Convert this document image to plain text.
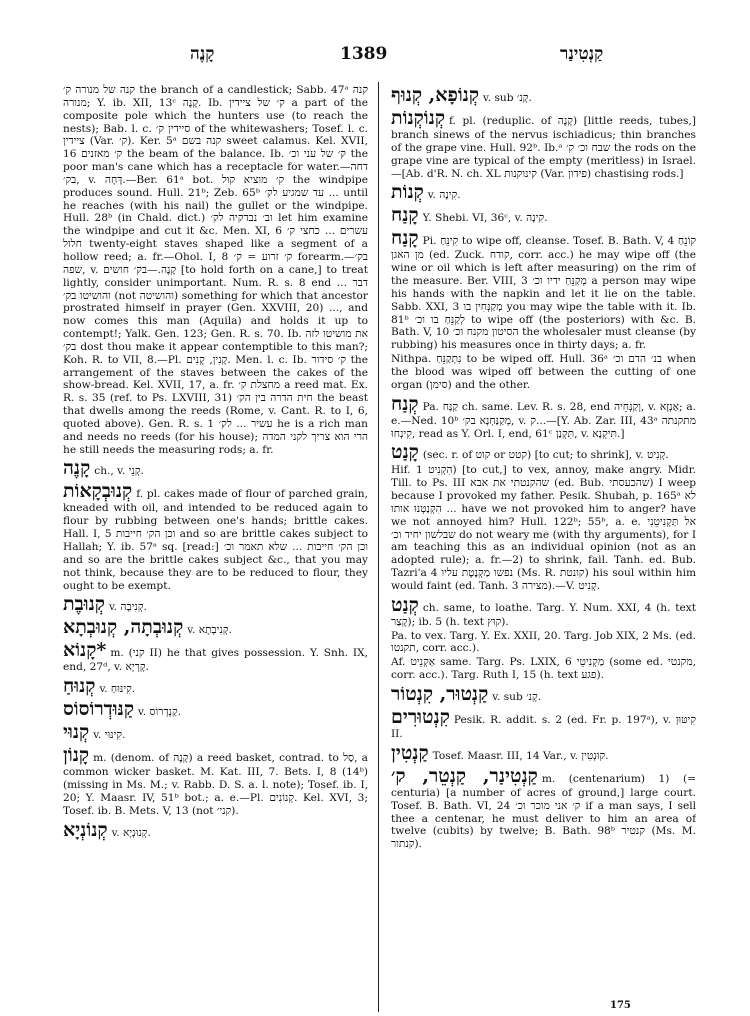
קָנֶה	1389	קַנְטִינַר
קנה של מנורה ק׳ the branch of a candlestick; Sabb. 47ᵃ קנה מנורה; Y. ib. XII, 13ᶜ קָנֶה. Ib. ק׳ של ציידין a part of the composite pole which the hunters use (to reach the nests); Bab. l. c. סיידין ק׳ of the whitewashers; Tosef. l. c. ציידין (Var. ק׳). Ker. 5ᵃ קנה בשם sweet calamus. Kel. XVII, 16 ק׳ מאזנים the beam of the balance. Ib. ק׳ של עני וכ׳ the poor man's cane which has a receptacle for water.—דחה בק׳, v. דָּחָה.—Ber. 61ᵃ bot. ק׳ מוציא קול the windpipe produces sound. Hull. 21ᵇ; Zeb. 65ᵇ עד שמגיע לק׳ ... until he reaches (with his nail) the gullet or the windpipe. Hull. 28ᵇ (in Chald. dict.) וב׳ נבדקיה לק׳ let him examine the windpipe and cut it &c. Men. XI, 6 עשרים ... כחצי ק׳ חלול twenty-eight staves shaped like a segment of a hollow reed; a. fr.—Ohol. I, 8 ק׳ זרוע = ק׳ forearm.—בק׳ שפה, v. קָנֶה.—בק׳ חושים [to hold forth on a cane,] to treat lightly, consider unimportant. Num. R. s. 8 end דבר ... והושיטו בק׳ (not והושיטה) something for which that ancestor prostrated himself in prayer (Gen. XXVIII, 20) ..., and now comes this man (Aquila) and holds it up to contempt!; Yalk. Gen. 123; Gen. R. s. 70. Ib. את מושיטו לזה בק׳ dost thou make it appear contemptible to this man?; Koh. R. to VII, 8.—Pl. קָנִין, קָנִים. Men. l. c. Ib. ק׳ סידור the arrangement of the staves between the cakes of the show-bread. Kel. XVII, 17, a. fr. מחצלת ק׳ a reed mat. Ex. R. s. 35 (ref. to Ps. LXVIII, 31) חית הדרה בין הק׳ the beast that dwells among the reeds (Rome, v. Cant. R. to I, 6, quoted above). Gen. R. s. 1 עשיר ... לק׳ he is a rich man and needs no reeds (for his house); הרי הוא צריך לקני המדה he still needs the measuring rods; a. fr.
קָנֶה ch., v. קְנֵי.
קְנוּבְקָאוֹת f. pl. cakes made of flour of parched grain, kneaded with oil, and intended to be reduced again to flour by rubbing between one's hands; brittle cakes. Hall. I, 5 וכן הק׳ חייבות and so are brittle cakes subject to Hallah; Y. ib. 57ᵃ sq. [read:] וכן הק׳ חייבות ... שלא תאמר וכ׳ and so are the brittle cakes subject &c., that you may not think, because they are to be reduced to flour, they ought to be exempt.
קְנוּבֶת v. קְנִיבָה.
קְנוּבְתָה, קְנוּבְתָא v. קְנִיבְתָא.
*קָנוֹא m. (קני II) he that gives possession. Y. Snh. IX, end, 27ᵈ, v. קָרְיָא.
קְנוּחַ v. קִינּוּחַ.
קַנּוּדְרוֹסוֹס v. קַנְדְרוֹס.
קְנוּי v. קִינּוּי.
קָנוֹן m. (denom. of קָנֶה) a reed basket, contrad. to סַל, a common wicker basket. M. Kat. III, 7. Bets. I, 8 (14ᵇ) (missing in Ms. M.; v. Rabb. D. S. a. l. note); Tosef. ib. I, 20; Y. Maasr. IV, 51ᵇ bot.; a. e.—Pl. קְנוֹנִים. Kel. XVI, 3; Tosef. ib. B. Mets. V, 13 (not קני׳).
קְנוֹנְיָא v. קְנוּנְיָא.
קְנוֹפָא, קְנוּף v. sub קָנ׳.
קְנוֹקְנוֹת f. pl. (reduplic. of קָנֶה) [little reeds, tubes,] branch sinews of the nervus ischiadicus; thin branches of the grape vine. Hull. 92ᵇ. Ib.ᵃ שבח וכ׳ ק׳ the rods on the grape vine are typical of the empty (meritless) in Israel.—[Ab. d'R. N. ch. XL קינוקנות (Var. פידון) chastising rods.]
קְנוֹת v. קִינָה.
קָנַח Y. Shebi. VI, 36ᶜ, v. קִינָה.
קָנַח Pi. קִינֵּחַ to wipe off, cleanse. Tosef. B. Bath. V, 4 קוֹנֵחַ מן האגן (ed. Zuck. קודח, corr. acc.) he may wipe off (the wine or oil which is left after measuring) on the rim of the measure. Ber. VIII, 3 מְקַנֵּחַ ידיו וכ׳ a person may wipe his hands with the napkin and let it lie on the table. Sabb. XXI, 3 מְקַנְּחִין בו you may wipe the table with it. Ib. 81ᵇ לְקַנֵּחַ בו וכ׳ to wipe off (the posteriors) with &c. B. Bath. V, 10 הסיטון מקנח וכ׳ the wholesaler must cleanse (by rubbing) his measures once in thirty days; a. fr.
Nithpa. נִתְקַנֵּחַ to be wiped off. Hull. 36ᵃ בנ׳ הדם וכ׳ when the blood was wiped off between the cutting of one organ (סימן) and the other.
קְנַח Pa. קַנַּח ch. same. Lev. R. s. 28, end וְקַנְּחֵיה, v. אַנְזָא; a. e.—Ned. 10ᵇ מְקַנַּחְנָא בק׳, v. ק...—[Y. Ab. Zar. III, 43ᵃ מתקנתה קִינְחוּ, read as Y. Orl. I, end, 61ᶜ תִּקְנַן, v. תִּיקְנָא.]
קָנַט (sec. r. of קוט or קטט) [to cut; to shrink], v. קְנִיט.
Hif. הִקְנִיט 1) [to cut,] to vex, annoy, make angry. Midr. Till. to Ps. III שהקנטתי את אבא (ed. Bub. שהכעסתי) I weep because I provoked my father. Pesik. Shubah, p. 165ᵃ לא הִקְנַטְנוּ אותו ... have we not provoked him to anger? have we not annoyed him? Hull. 122ᵇ; 55ᵇ, a. e. אל תַּקְנִיטֵנִי שבלשון יחיד וכ׳ do not weary me (with thy arguments), for I am teaching this as an individual opinion (not as an adopted rule); a. fr.—2) to shrink, fail. Tanh. ed. Bub. Tazri'a 4 נפשו מַקְנֶטֶת עליו (Ms. R. קונטת) his soul within him would faint (ed. Tanh. 3 מצירה).—V. קְנִיט.
קְנַט ch. same, to loathe. Targ. Y. Num. XXI, 4 (h. text קָצַר); ib. 5 (h. text קוּץ).
Pa. to vex. Targ. Y. Ex. XXII, 20. Targ. Job XIX, 2 Ms. (ed. תקנטו, corr. acc.).
Af. אַקְנֵיט same. Targ. Ps. LXIX, 6 מַקְנִיטֵי (some ed. מקנטי, corr. acc.). Targ. Ruth I, 15 (h. text פגע).
קַנְטוּר, קִנְטוֹר v. sub קָנ׳.
קִנְטוּרִים Pesik. R. addit. s. 2 (ed. Fr. p. 197ᵃ), v. קִיטּוּן II.
קַנְטִין Tosef. Maasr. III, 14 Var., v. קוּנְטִין.
קַנְטִינַר, קַנְטֵר, ק׳ m. (centenarium) 1) (= centuria) [a number of acres of ground,] large court. Tosef. B. Bath. VI, 24 ק׳ אני מוכר וכ׳ if a man says, I sell thee a centenar, he must deliver to him an area of twelve (cubits) by twelve; B. Bath. 98ᵇ קנטיר (Ms. M. קנתור).
175
